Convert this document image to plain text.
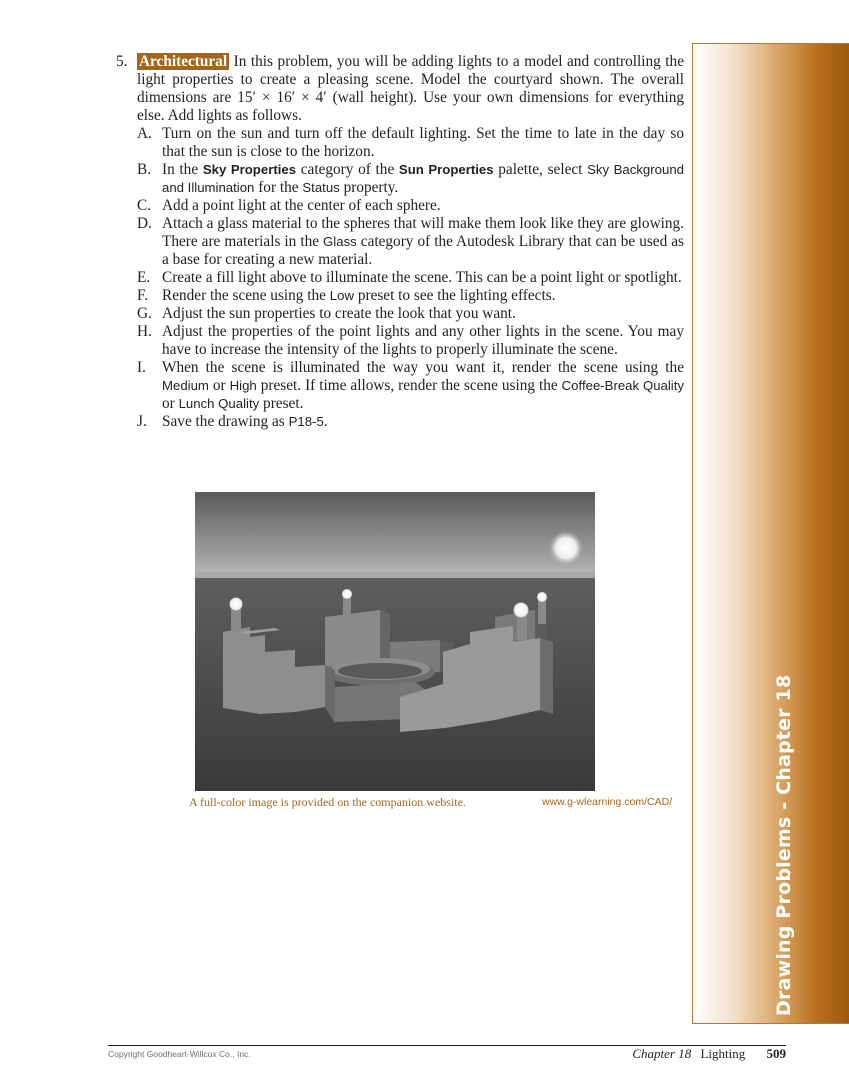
Drawing Problems - Chapter 18
5. Architectural In this problem, you will be adding lights to a model and controlling the light properties to create a pleasing scene. Model the courtyard shown. The overall dimensions are 15′ × 16′ × 4′ (wall height). Use your own dimensions for everything else. Add lights as follows.
A. Turn on the sun and turn off the default lighting. Set the time to late in the day so that the sun is close to the horizon.
B. In the Sky Properties category of the Sun Properties palette, select Sky Background and Illumination for the Status property.
C. Add a point light at the center of each sphere.
D. Attach a glass material to the spheres that will make them look like they are glowing. There are materials in the Glass category of the Autodesk Library that can be used as a base for creating a new material.
E. Create a fill light above to illuminate the scene. This can be a point light or spotlight.
F. Render the scene using the Low preset to see the lighting effects.
G. Adjust the sun properties to create the look that you want.
H. Adjust the properties of the point lights and any other lights in the scene. You may have to increase the intensity of the lights to properly illuminate the scene.
I. When the scene is illuminated the way you want it, render the scene using the Medium or High preset. If time allows, render the scene using the Coffee-Break Quality or Lunch Quality preset.
J. Save the drawing as P18-5.
A full-color image is provided on the companion website.	www.g-wlearning.com/CAD/
Copyright Goodheart-Willcox Co., Inc.	Chapter 18 Lighting 509
